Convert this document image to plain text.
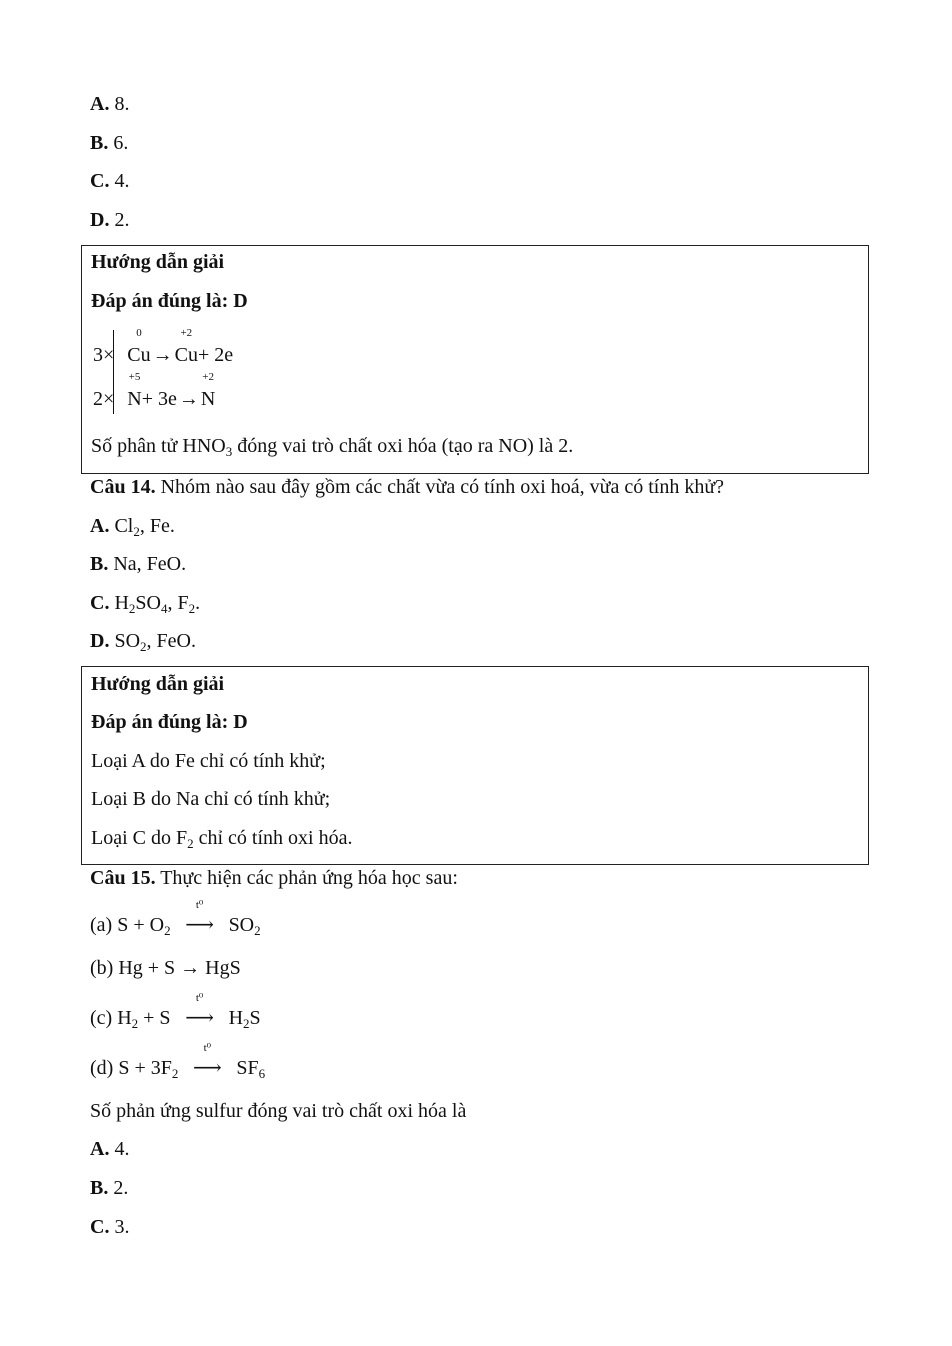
A. 8.
B. 6.
C. 4.
D. 2.
Hướng dẫn giải
Đáp án đúng là: D
3×
0
Cu →
+2
Cu+ 2e
2×
+5
N+ 3e →
+2
N
Số phân tử $HNO_3$ đóng vai trò chất oxi hóa (tạo ra NO) là 2.
Câu 14. Nhóm nào sau đây gồm các chất vừa có tính oxi hoá, vừa có tính khử?
A. $Cl_2$, Fe.
B. Na, FeO.
C. $H_2SO_4$, $F_2$.
D. $SO_2$, FeO.
Hướng dẫn giải
Đáp án đúng là: D
Loại A do Fe chỉ có tính khử;
Loại B do Na chỉ có tính khử;
Loại C do $F_2$ chỉ có tính oxi hóa.
Câu 15. Thực hiện các phản ứng hóa học sau:
(a) $S + O_2$
t⁰
⟶ $SO_2$
(b) Hg + S → HgS
(c) $H_2 + S$
t⁰
⟶ $H_2S$
(d) $S + 3F_2$
t⁰
⟶ $SF_6$
Số phản ứng sulfur đóng vai trò chất oxi hóa là
A. 4.
B. 2.
C. 3.
